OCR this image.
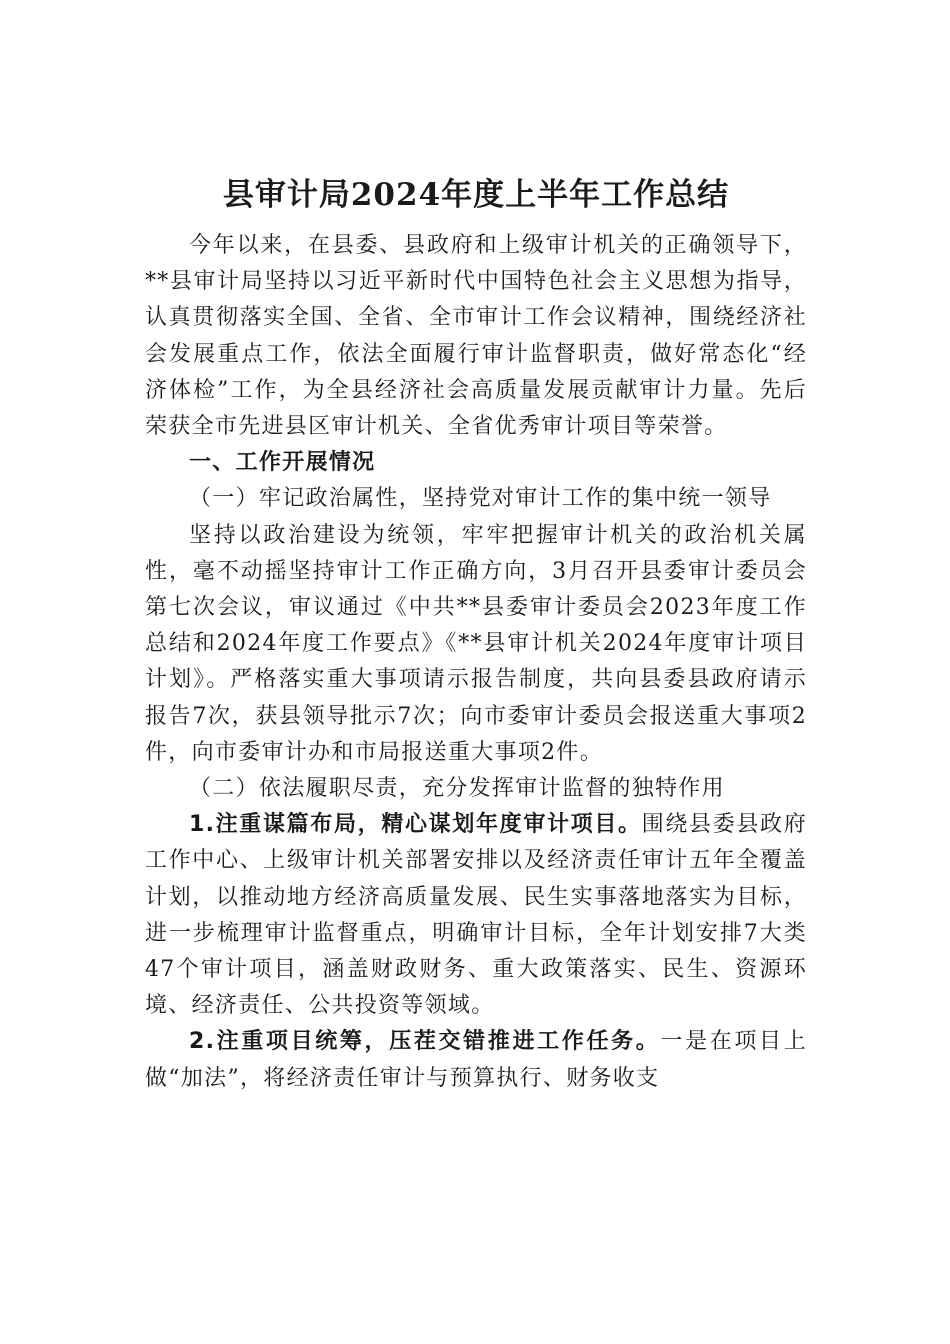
县审计局2024年度上半年工作总结

今年以来，在县委、县政府和上级审计机关的正确领导下，**县审计局坚持以习近平新时代中国特色社会主义思想为指导，认真贯彻落实全国、全省、全市审计工作会议精神，围绕经济社会发展重点工作，依法全面履行审计监督职责，做好常态化“经济体检”工作，为全县经济社会高质量发展贡献审计力量。先后荣获全市先进县区审计机关、全省优秀审计项目等荣誉。

一、工作开展情况

（一）牢记政治属性，坚持党对审计工作的集中统一领导

坚持以政治建设为统领，牢牢把握审计机关的政治机关属性，毫不动摇坚持审计工作正确方向，3月召开县委审计委员会第七次会议，审议通过《中共**县委审计委员会2023年度工作总结和2024年度工作要点》《**县审计机关2024年度审计项目计划》。严格落实重大事项请示报告制度，共向县委县政府请示报告7次，获县领导批示7次；向市委审计委员会报送重大事项2件，向市委审计办和市局报送重大事项2件。

（二）依法履职尽责，充分发挥审计监督的独特作用

1.注重谋篇布局，精心谋划年度审计项目。围绕县委县政府工作中心、上级审计机关部署安排以及经济责任审计五年全覆盖计划，以推动地方经济高质量发展、民生实事落地落实为目标，进一步梳理审计监督重点，明确审计目标，全年计划安排7大类47个审计项目，涵盖财政财务、重大政策落实、民生、资源环境、经济责任、公共投资等领域。

2.注重项目统筹，压茬交错推进工作任务。一是在项目上做“加法”，将经济责任审计与预算执行、财务收支
